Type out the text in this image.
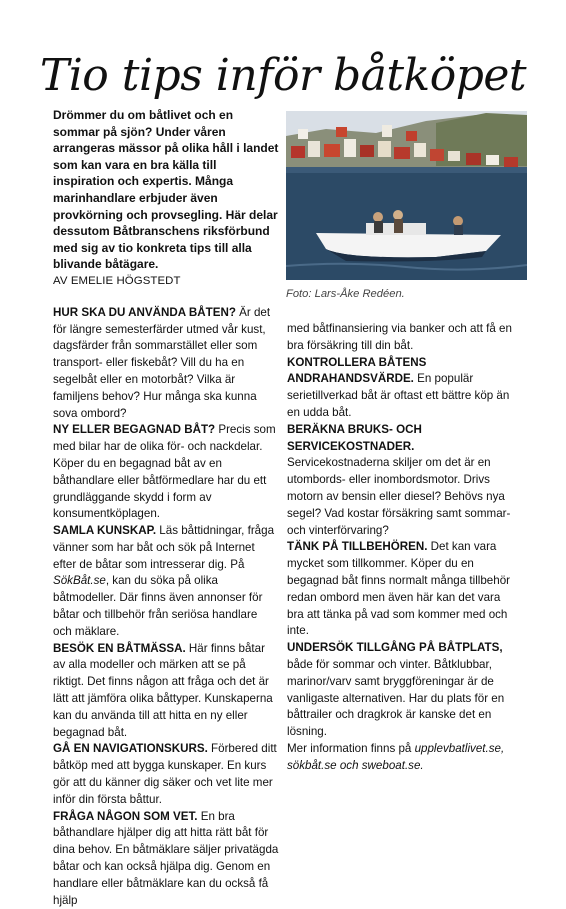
Tio tips inför båtköpet

Drömmer du om båtlivet och en sommar på sjön? Under våren arrangeras mässor på olika håll i landet som kan vara en bra källa till inspiration och expertis. Många marinhandlare erbjuder även provkörning och provsegling. Här delar dessutom Båtbranschens riksförbund med sig av tio konkreta tips till alla blivande båtägare.

AV EMELIE HÖGSTEDT

HUR SKA DU ANVÄNDA BÅTEN? Är det för längre semesterfärder utmed vår kust, dagsfärder från sommarstället eller som transport- eller fiskebåt? Vill du ha en segelbåt eller en motorbåt? Vilka är familjens behov? Hur många ska kunna sova ombord?

NY ELLER BEGAGNAD BÅT? Precis som med bilar har de olika för- och nackdelar. Köper du en begagnad båt av en båthandlare eller båtförmedlare har du ett grundläggande skydd i form av konsumentköplagen.

SAMLA KUNSKAP. Läs båttidningar, fråga vänner som har båt och sök på Internet efter de båtar som intresserar dig. På SökBåt.se, kan du söka på olika båtmodeller. Där finns även annonser för båtar och tillbehör från seriösa handlare och mäklare.

BESÖK EN BÅTMÄSSA. Här finns båtar av alla modeller och märken att se på riktigt. Det finns någon att fråga och det är lätt att jämföra olika båttyper. Kunskaperna kan du använda till att hitta en ny eller begagnad båt.

GÅ EN NAVIGATIONSKURS. Förbered ditt båtköp med att bygga kunskaper. En kurs gör att du känner dig säker och vet lite mer inför din första båttur.

FRÅGA NÅGON SOM VET. En bra båthandlare hjälper dig att hitta rätt båt för dina behov. En båtmäklare säljer privatägda båtar och kan också hjälpa dig. Genom en handlare eller båtmäklare kan du också få hjälp

Foto: Lars-Åke Redéen.

med båtfinansiering via banker och att få en bra försäkring till din båt.

KONTROLLERA BÅTENS ANDRAHANDSVÄRDE. En populär serietillverkad båt är oftast ett bättre köp än en udda båt.

BERÄKNA BRUKS- OCH SERVICEKOSTNADER. Servicekostnaderna skiljer om det är en utombords- eller inombordsmotor. Drivs motorn av bensin eller diesel? Behövs nya segel? Vad kostar försäkring samt sommar- och vinterförvaring?

TÄNK PÅ TILLBEHÖREN. Det kan vara mycket som tillkommer. Köper du en begagnad båt finns normalt många tillbehör redan ombord men även här kan det vara bra att tänka på vad som kommer med och inte.

UNDERSÖK TILLGÅNG PÅ BÅTPLATS, både för sommar och vinter. Båtklubbar, marinor/varv samt bryggföreningar är de vanligaste alternativen. Har du plats för en båttrailer och dragkrok är kanske det en lösning.

Mer information finns på upplevbatlivet.se, sökbåt.se och sweboat.se.
